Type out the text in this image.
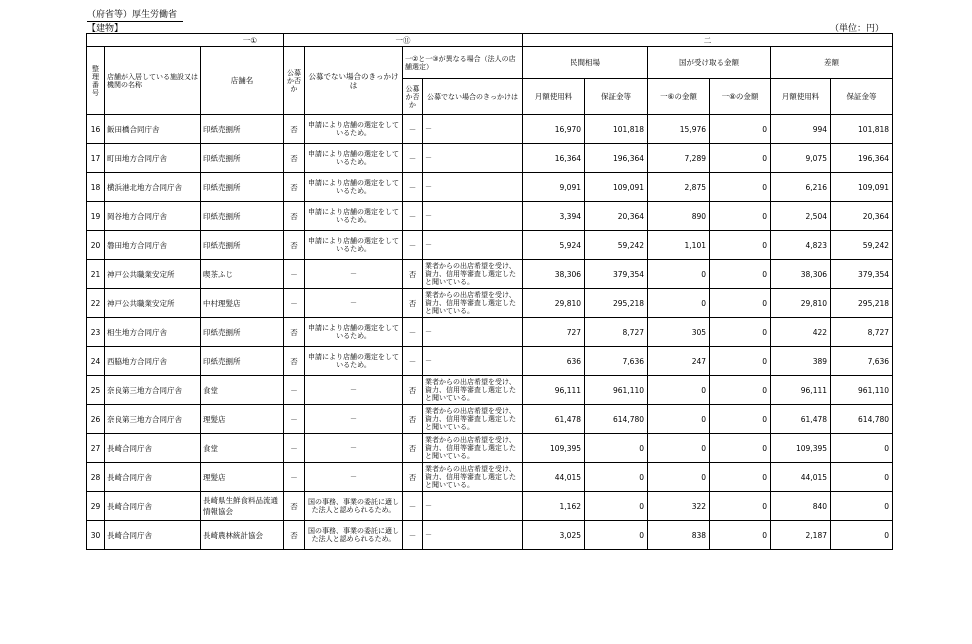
（府省等）厚生労働省
【建物】	（単位：円）
一①			一⑪				二					
整理番号	店舗が入居している施設又は機関の名称	店舗名	公募か否か	公募でない場合のきっかけは	一②と一③が異なる場合（法人の店舗選定）		民間相場		国が受け取る金額		差額	
					公募か否か	公募でない場合のきっかけは	月額使用料	保証金等	一⑥の金額	一⑧の金額	月額使用料	保証金等
16	飯田橋合同庁舎	印紙売捌所	否	申請により店舗の選定をしているため。	－	－	16,970	101,818	15,976	0	994	101,818
17	町田地方合同庁舎	印紙売捌所	否	申請により店舗の選定をしているため。	－	－	16,364	196,364	7,289	0	9,075	196,364
18	横浜港北地方合同庁舎	印紙売捌所	否	申請により店舗の選定をしているため。	－	－	9,091	109,091	2,875	0	6,216	109,091
19	岡谷地方合同庁舎	印紙売捌所	否	申請により店舗の選定をしているため。	－	－	3,394	20,364	890	0	2,504	20,364
20	磐田地方合同庁舎	印紙売捌所	否	申請により店舗の選定をしているため。	－	－	5,924	59,242	1,101	0	4,823	59,242
21	神戸公共職業安定所	喫茶ふじ	－	－	否	業者からの出店希望を受け、資力、信用等審査し選定したと聞いている。	38,306	379,354	0	0	38,306	379,354
22	神戸公共職業安定所	中村理髪店	－	－	否	業者からの出店希望を受け、資力、信用等審査し選定したと聞いている。	29,810	295,218	0	0	29,810	295,218
23	相生地方合同庁舎	印紙売捌所	否	申請により店舗の選定をしているため。	－	－	727	8,727	305	0	422	8,727
24	西脇地方合同庁舎	印紙売捌所	否	申請により店舗の選定をしているため。	－	－	636	7,636	247	0	389	7,636
25	奈良第三地方合同庁舎	食堂	－	－	否	業者からの出店希望を受け、資力、信用等審査し選定したと聞いている。	96,111	961,110	0	0	96,111	961,110
26	奈良第三地方合同庁舎	理髪店	－	－	否	業者からの出店希望を受け、資力、信用等審査し選定したと聞いている。	61,478	614,780	0	0	61,478	614,780
27	長崎合同庁舎	食堂	－	－	否	業者からの出店希望を受け、資力、信用等審査し選定したと聞いている。	109,395	0	0	0	109,395	0
28	長崎合同庁舎	理髪店	－	－	否	業者からの出店希望を受け、資力、信用等審査し選定したと聞いている。	44,015	0	0	0	44,015	0
29	長崎合同庁舎	長崎県生鮮食料品流通情報協会	否	国の事務、事業の委託に適した法人と認められるため。	－	－	1,162	0	322	0	840	0
30	長崎合同庁舎	長崎農林統計協会	否	国の事務、事業の委託に適した法人と認められるため。	－	－	3,025	0	838	0	2,187	0
